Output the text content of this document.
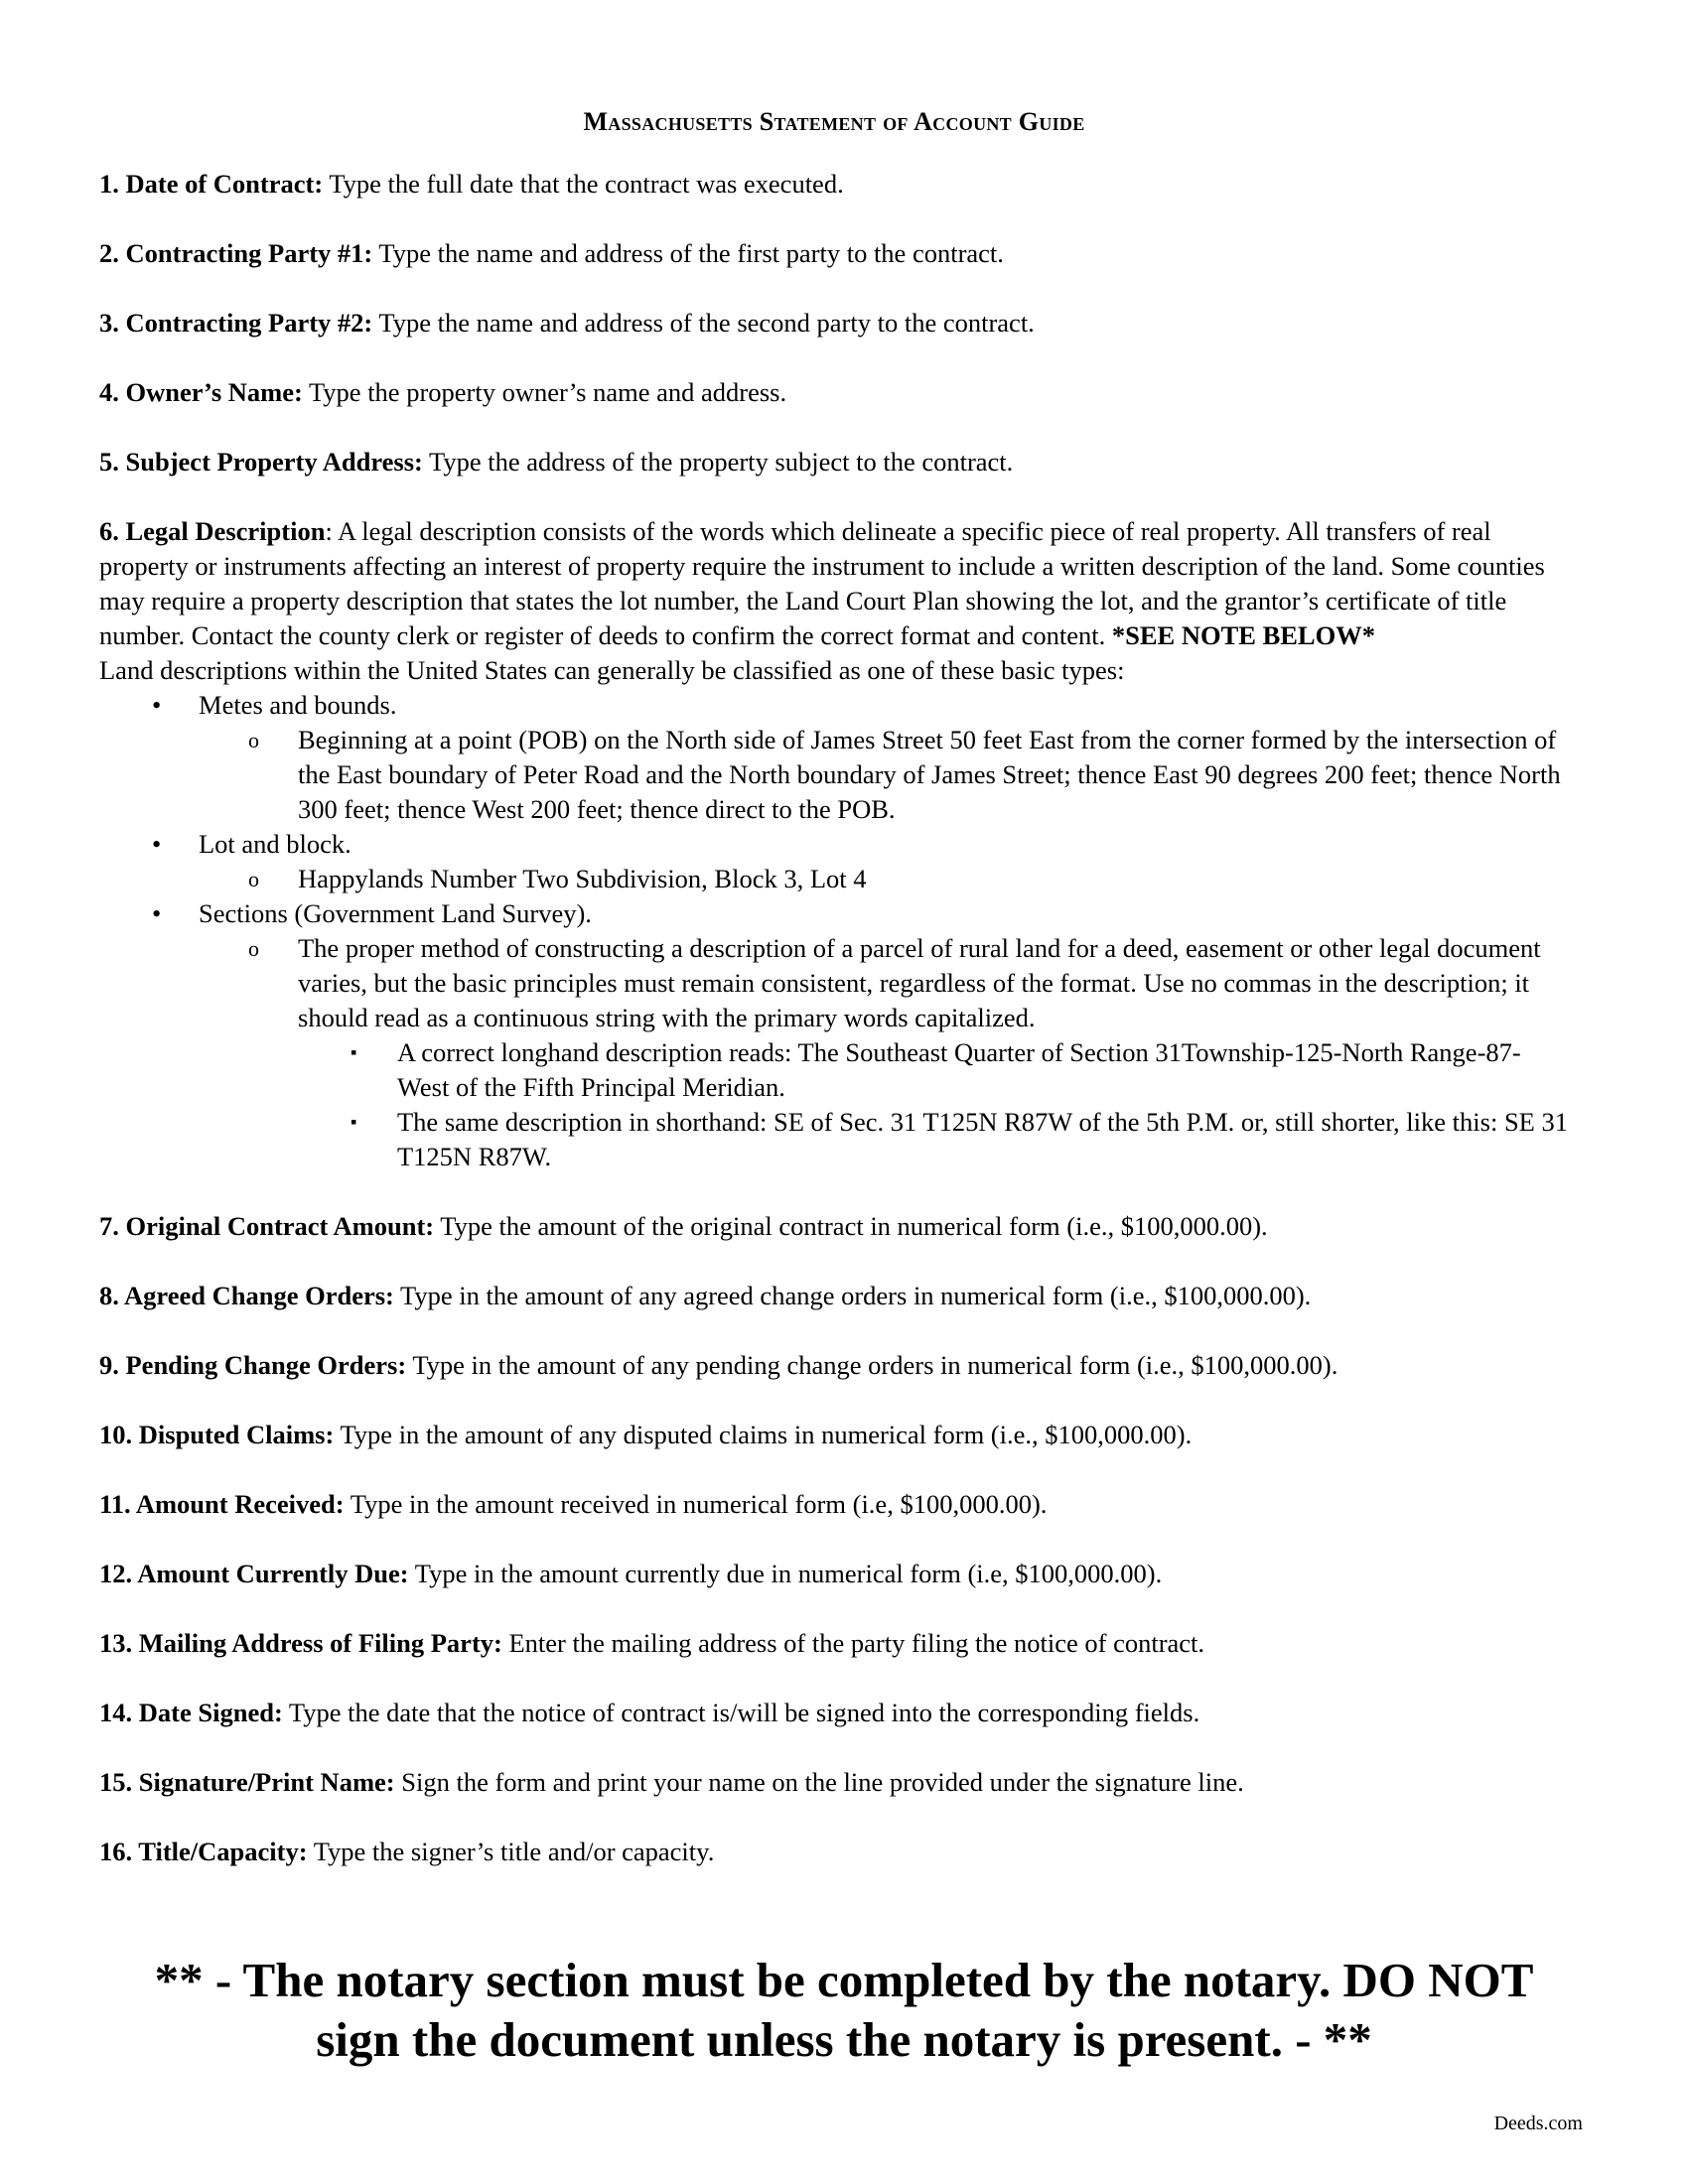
Massachusetts Statement of Account Guide

1. Date of Contract: Type the full date that the contract was executed.

2. Contracting Party #1: Type the name and address of the first party to the contract.

3. Contracting Party #2: Type the name and address of the second party to the contract.

4. Owner’s Name: Type the property owner’s name and address.

5. Subject Property Address: Type the address of the property subject to the contract.

6. Legal Description: A legal description consists of the words which delineate a specific piece of real property. All transfers of real property or instruments affecting an interest of property require the instrument to include a written description of the land. Some counties may require a property description that states the lot number, the Land Court Plan showing the lot, and the grantor’s certificate of title number. Contact the county clerk or register of deeds to confirm the correct format and content. *SEE NOTE BELOW*

Land descriptions within the United States can generally be classified as one of these basic types:

• Metes and bounds.
o Beginning at a point (POB) on the North side of James Street 50 feet East from the corner formed by the intersection of the East boundary of Peter Road and the North boundary of James Street; thence East 90 degrees 200 feet; thence North 300 feet; thence West 200 feet; thence direct to the POB.
• Lot and block.
o Happylands Number Two Subdivision, Block 3, Lot 4
• Sections (Government Land Survey).
o The proper method of constructing a description of a parcel of rural land for a deed, easement or other legal document varies, but the basic principles must remain consistent, regardless of the format. Use no commas in the description; it should read as a continuous string with the primary words capitalized.
▪ A correct longhand description reads: The Southeast Quarter of Section 31Township-125-North Range-87-West of the Fifth Principal Meridian.
▪ The same description in shorthand: SE of Sec. 31 T125N R87W of the 5th P.M. or, still shorter, like this: SE 31 T125N R87W.

7. Original Contract Amount: Type the amount of the original contract in numerical form (i.e., $100,000.00).

8. Agreed Change Orders: Type in the amount of any agreed change orders in numerical form (i.e., $100,000.00).

9. Pending Change Orders: Type in the amount of any pending change orders in numerical form (i.e., $100,000.00).

10. Disputed Claims: Type in the amount of any disputed claims in numerical form (i.e., $100,000.00).

11. Amount Received: Type in the amount received in numerical form (i.e, $100,000.00).

12. Amount Currently Due: Type in the amount currently due in numerical form (i.e, $100,000.00).

13. Mailing Address of Filing Party: Enter the mailing address of the party filing the notice of contract.

14. Date Signed: Type the date that the notice of contract is/will be signed into the corresponding fields.

15. Signature/Print Name: Sign the form and print your name on the line provided under the signature line.

16. Title/Capacity: Type the signer’s title and/or capacity.

** - The notary section must be completed by the notary. DO NOT
sign the document unless the notary is present. - **
Deeds.com
